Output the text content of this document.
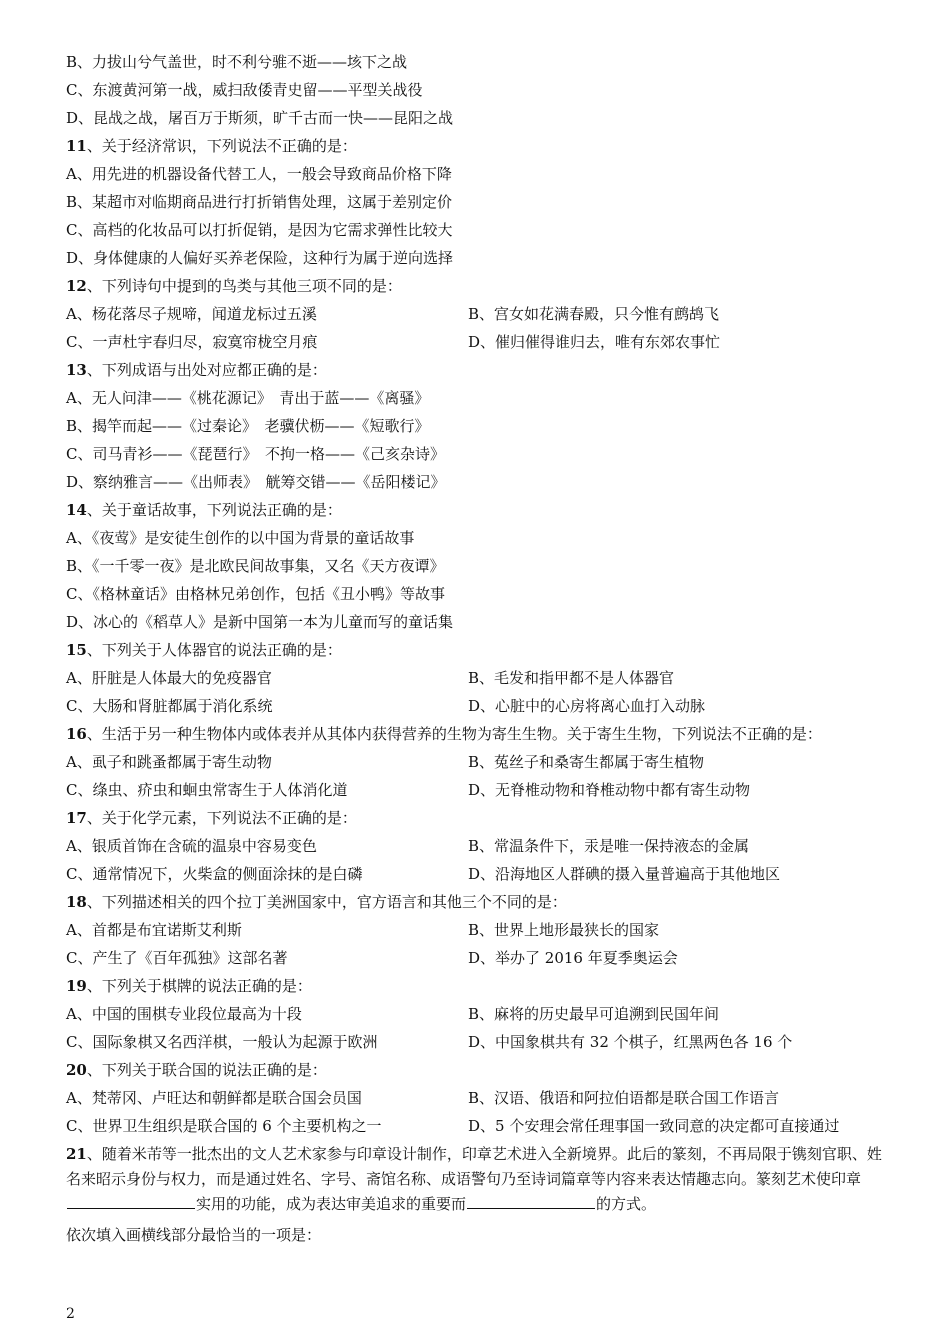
B、力拔山兮气盖世，时不利兮骓不逝——垓下之战
C、东渡黄河第一战，威扫敌倭青史留——平型关战役
D、昆战之战，屠百万于斯须，旷千古而一快——昆阳之战
11、关于经济常识，下列说法不正确的是：
A、用先进的机器设备代替工人，一般会导致商品价格下降
B、某超市对临期商品进行打折销售处理，这属于差别定价
C、高档的化妆品可以打折促销，是因为它需求弹性比较大
D、身体健康的人偏好买养老保险，这种行为属于逆向选择
12、下列诗句中提到的鸟类与其他三项不同的是：
A、杨花落尽子规啼，闻道龙标过五溪	B、宫女如花满春殿，只今惟有鹧鸪飞
C、一声杜宇春归尽，寂寞帘栊空月痕	D、催归催得谁归去，唯有东郊农事忙
13、下列成语与出处对应都正确的是：
A、无人问津——《桃花源记》　青出于蓝——《离骚》
B、揭竿而起——《过秦论》　老骥伏枥——《短歌行》
C、司马青衫——《琵琶行》　不拘一格——《己亥杂诗》
D、察纳雅言——《出师表》　觥筹交错——《岳阳楼记》
14、关于童话故事，下列说法正确的是：
A、《夜莺》是安徒生创作的以中国为背景的童话故事
B、《一千零一夜》是北欧民间故事集，又名《天方夜谭》
C、《格林童话》由格林兄弟创作，包括《丑小鸭》等故事
D、冰心的《稻草人》是新中国第一本为儿童而写的童话集
15、下列关于人体器官的说法正确的是：
A、肝脏是人体最大的免疫器官	B、毛发和指甲都不是人体器官
C、大肠和肾脏都属于消化系统	D、心脏中的心房将离心血打入动脉
16、生活于另一种生物体内或体表并从其体内获得营养的生物为寄生生物。关于寄生生物，下列说法不正确的是：
A、虱子和跳蚤都属于寄生动物	B、菟丝子和桑寄生都属于寄生植物
C、绦虫、疥虫和蛔虫常寄生于人体消化道	D、无脊椎动物和脊椎动物中都有寄生动物
17、关于化学元素，下列说法不正确的是：
A、银质首饰在含硫的温泉中容易变色	B、常温条件下，汞是唯一保持液态的金属
C、通常情况下，火柴盒的侧面涂抹的是白磷	D、沿海地区人群碘的摄入量普遍高于其他地区
18、下列描述相关的四个拉丁美洲国家中，官方语言和其他三个不同的是：
A、首都是布宜诺斯艾利斯	B、世界上地形最狭长的国家
C、产生了《百年孤独》这部名著	D、举办了 2016 年夏季奥运会
19、下列关于棋牌的说法正确的是：
A、中国的围棋专业段位最高为十段	B、麻将的历史最早可追溯到民国年间
C、国际象棋又名西洋棋，一般认为起源于欧洲	D、中国象棋共有 32 个棋子，红黑两色各 16 个
20、下列关于联合国的说法正确的是：
A、梵蒂冈、卢旺达和朝鲜都是联合国会员国	B、汉语、俄语和阿拉伯语都是联合国工作语言
C、世界卫生组织是联合国的 6 个主要机构之一	D、5 个安理会常任理事国一致同意的决定都可直接通过
21、随着米芾等一批杰出的文人艺术家参与印章设计制作，印章艺术进入全新境界。此后的篆刻，不再局限于镌刻官职、姓名来昭示身份与权力，而是通过姓名、字号、斋馆名称、成语警句乃至诗词篇章等内容来表达情趣志向。篆刻艺术使印章实用的功能，成为表达审美追求的重要而	的方式。
依次填入画横线部分最恰当的一项是：
2
